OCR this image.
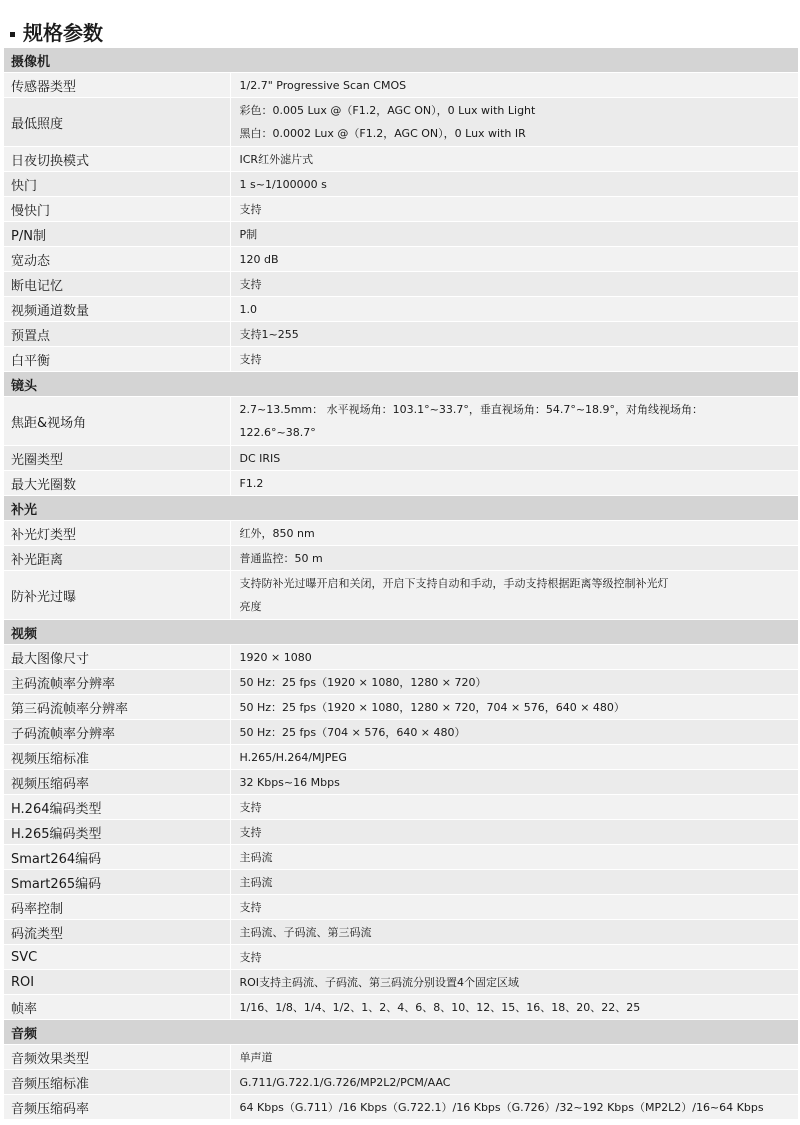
规格参数
摄像机	
传感器类型	1/2.7" Progressive Scan CMOS

最低照度	彩色：0.005 Lux @（F1.2，AGC ON），0 Lux with Light
黑白：0.0002 Lux @（F1.2，AGC ON），0 Lux with IR

日夜切换模式	ICR红外滤片式

快门	1 s~1/100000 s

慢快门	支持

P/N制	P制

宽动态	120 dB

断电记忆	支持

视频通道数量	1.0

预置点	支持1~255

白平衡	支持

镜头	
焦距&视场角	2.7~13.5mm： 水平视场角：103.1°~33.7°，垂直视场角：54.7°~18.9°，对角线视场角：
122.6°~38.7°

光圈类型	DC IRIS

最大光圈数	F1.2

补光	
补光灯类型	红外，850 nm

补光距离	普通监控：50 m

防补光过曝	支持防补光过曝开启和关闭，开启下支持自动和手动，手动支持根据距离等级控制补光灯
亮度

视频	
最大图像尺寸	1920 × 1080

主码流帧率分辨率	50 Hz：25 fps（1920 × 1080，1280 × 720）

第三码流帧率分辨率	50 Hz：25 fps（1920 × 1080，1280 × 720，704 × 576，640 × 480）

子码流帧率分辨率	50 Hz：25 fps（704 × 576，640 × 480）

视频压缩标准	H.265/H.264/MJPEG

视频压缩码率	32 Kbps~16 Mbps

H.264编码类型	支持

H.265编码类型	支持

Smart264编码	主码流

Smart265编码	主码流

码率控制	支持

码流类型	主码流、子码流、第三码流

SVC	支持

ROI	ROI支持主码流、子码流、第三码流分别设置4个固定区域

帧率	1/16、1/8、1/4、1/2、1、2、4、6、8、10、12、15、16、18、20、22、25

音频	
音频效果类型	单声道

音频压缩标准	G.711/G.722.1/G.726/MP2L2/PCM/AAC

音频压缩码率	64 Kbps（G.711）/16 Kbps（G.722.1）/16 Kbps（G.726）/32~192 Kbps（MP2L2）/16~64 Kbps
